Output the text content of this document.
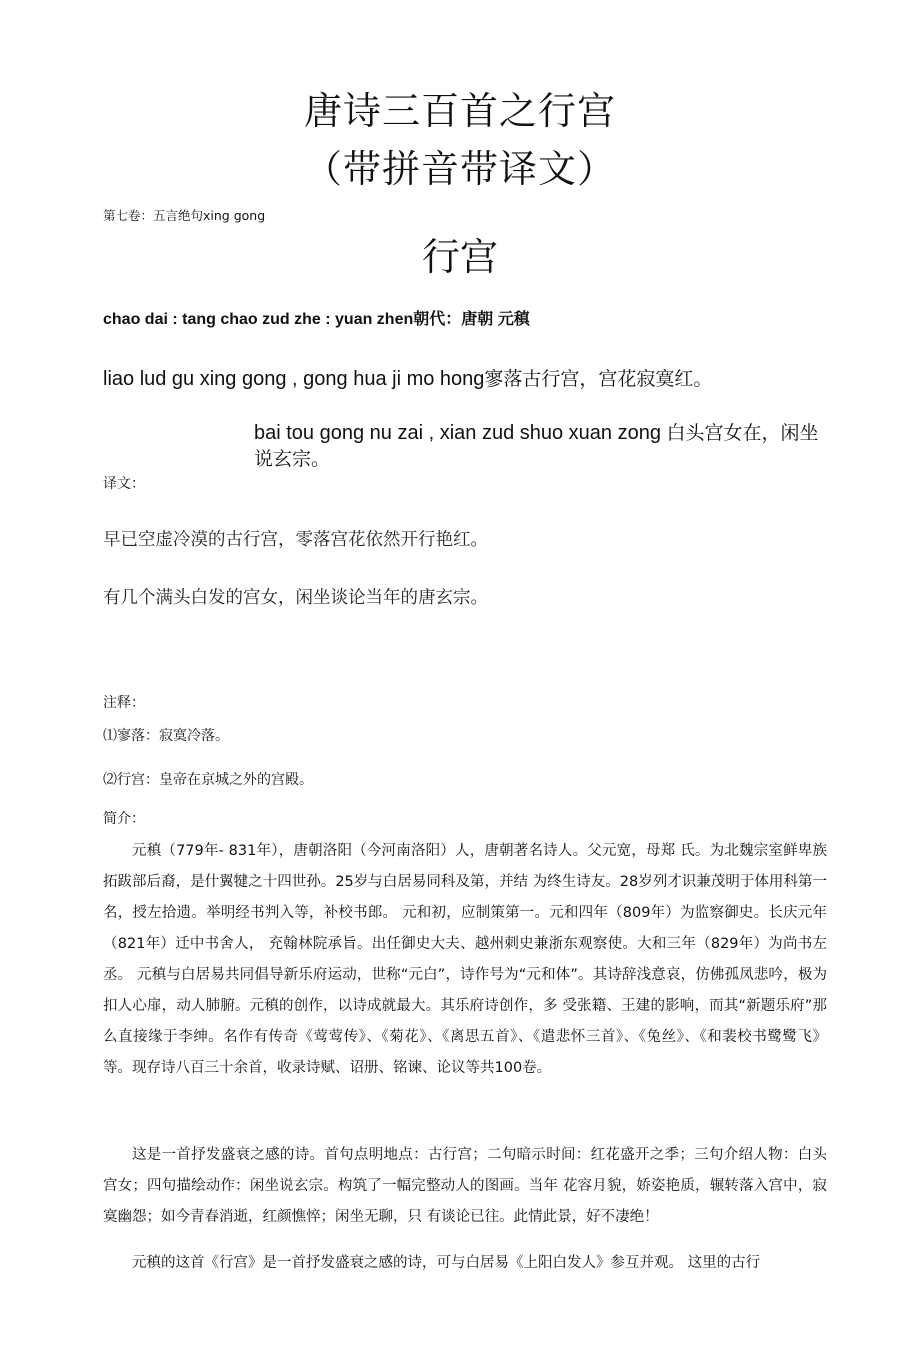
唐诗三百首之行宫
（带拼音带译文）
第七卷：五言绝句xing gong
行宫
chao dai : tang chao zud zhe : yuan zhen朝代：唐朝 元稹
liao lud gu xing gong , gong hua ji mo hong寥落古行宫，宫花寂寞红。
bai tou gong nu zai , xian zud shuo xuan zong 白头宫女在，闲坐说玄宗。
译文：
早已空虚冷漠的古行宫，零落宫花依然开行艳红。
有几个满头白发的宫女，闲坐谈论当年的唐玄宗。
注释：
⑴寥落：寂寞冷落。
⑵行宫：皇帝在京城之外的宫殿。
简介：
元稹（779年- 831年），唐朝洛阳（今河南洛阳）人，唐朝著名诗人。父元宽，母郑 氏。为北魏宗室鲜卑族拓跋部后裔，是什翼犍之十四世孙。25岁与白居易同科及第，并结 为终生诗友。28岁列才识兼茂明于体用科第一名，授左拾遗。举明经书判入等，补校书郎。 元和初，应制策第一。元和四年（809年）为监察御史。长庆元年（821年）迁中书舍人， 充翰林院承旨。出任御史大夫、越州刺史兼浙东观察使。大和三年（829年）为尚书左丞。 元稹与白居易共同倡导新乐府运动，世称“元白”，诗作号为“元和体”。其诗辞浅意哀，仿佛孤凤悲吟，极为扣人心扉，动人肺腑。元稹的创作，以诗成就最大。其乐府诗创作，多 受张籍、王建的影响，而其“新题乐府”那么直接缘于李绅。名作有传奇《莺莺传》、《菊花》、《离思五首》、《遣悲怀三首》、《兔丝》、《和裴校书鹭鹭飞》等。现存诗八百三十余首，收录诗赋、诏册、铭谏、论议等共100卷。
这是一首抒发盛衰之感的诗。首句点明地点：古行宫；二句暗示时间：红花盛开之季；三句介绍人物：白头宫女；四句描绘动作：闲坐说玄宗。构筑了一幅完整动人的图画。当年 花容月貌，娇姿艳质，辗转落入宫中，寂寞幽怨；如今青春消逝，红颜憔悴；闲坐无聊，只 有谈论已往。此情此景，好不凄绝！
元稹的这首《行宫》是一首抒发盛衰之感的诗，可与白居易《上阳白发人》参互并观。 这里的古行
